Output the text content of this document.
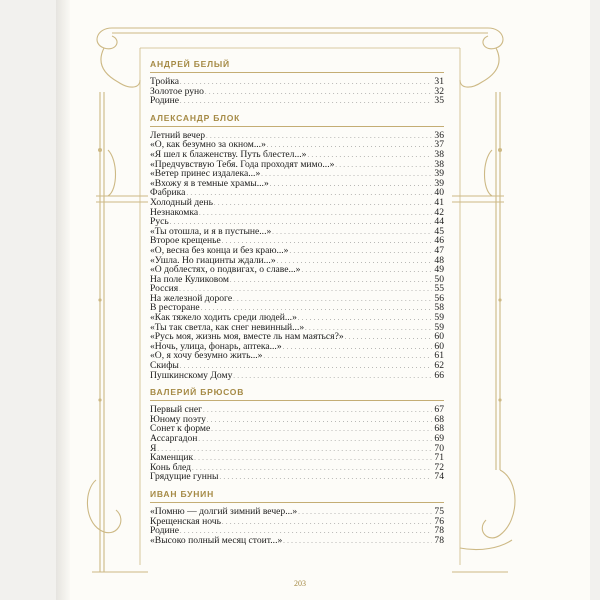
АНДРЕЙ БЕЛЫЙ
Тройка . . .	31
Золотое руно . . .	32
Родине . . .	35
АЛЕКСАНДР БЛОК
Летний вечер . . .	36
«О, как безумно за окном...» . . .	37
«Я шел к блаженству. Путь блестел...» . . .	38
«Предчувствую Тебя. Года проходят мимо...» . . .	38
«Ветер принес издалека...» . . .	39
«Вхожу я в темные храмы...» . . .	39
Фабрика . . .	40
Холодный день . . .	41
Незнакомка . . .	42
Русь . . .	44
«Ты отошла, и я в пустыне...» . . .	45
Второе крещенье . . .	46
«О, весна без конца и без краю...» . . .	47
«Ушла. Но гиацинты ждали...» . . .	48
«О доблестях, о подвигах, о славе...» . . .	49
На поле Куликовом . . .	50
Россия . . .	55
На железной дороге . . .	56
В ресторане . . .	58
«Как тяжело ходить среди людей...» . . .	59
«Ты так светла, как снег невинный...» . . .	59
«Русь моя, жизнь моя, вместе ль нам маяться?» . . .	60
«Ночь, улица, фонарь, аптека...» . . .	60
«О, я хочу безумно жить...» . . .	61
Скифы . . .	62
Пушкинскому Дому . . .	66
ВАЛЕРИЙ БРЮСОВ
Первый снег . . .	67
Юному поэту . . .	68
Сонет к форме . . .	68
Ассаргадон . . .	69
Я . . .	70
Каменщик . . .	71
Конь блед . . .	72
Грядущие гунны . . .	74
ИВАН БУНИН
«Помню — долгий зимний вечер...» . . .	75
Крещенская ночь . . .	76
Родине . . .	78
«Высоко полный месяц стоит...» . . .	78
203
